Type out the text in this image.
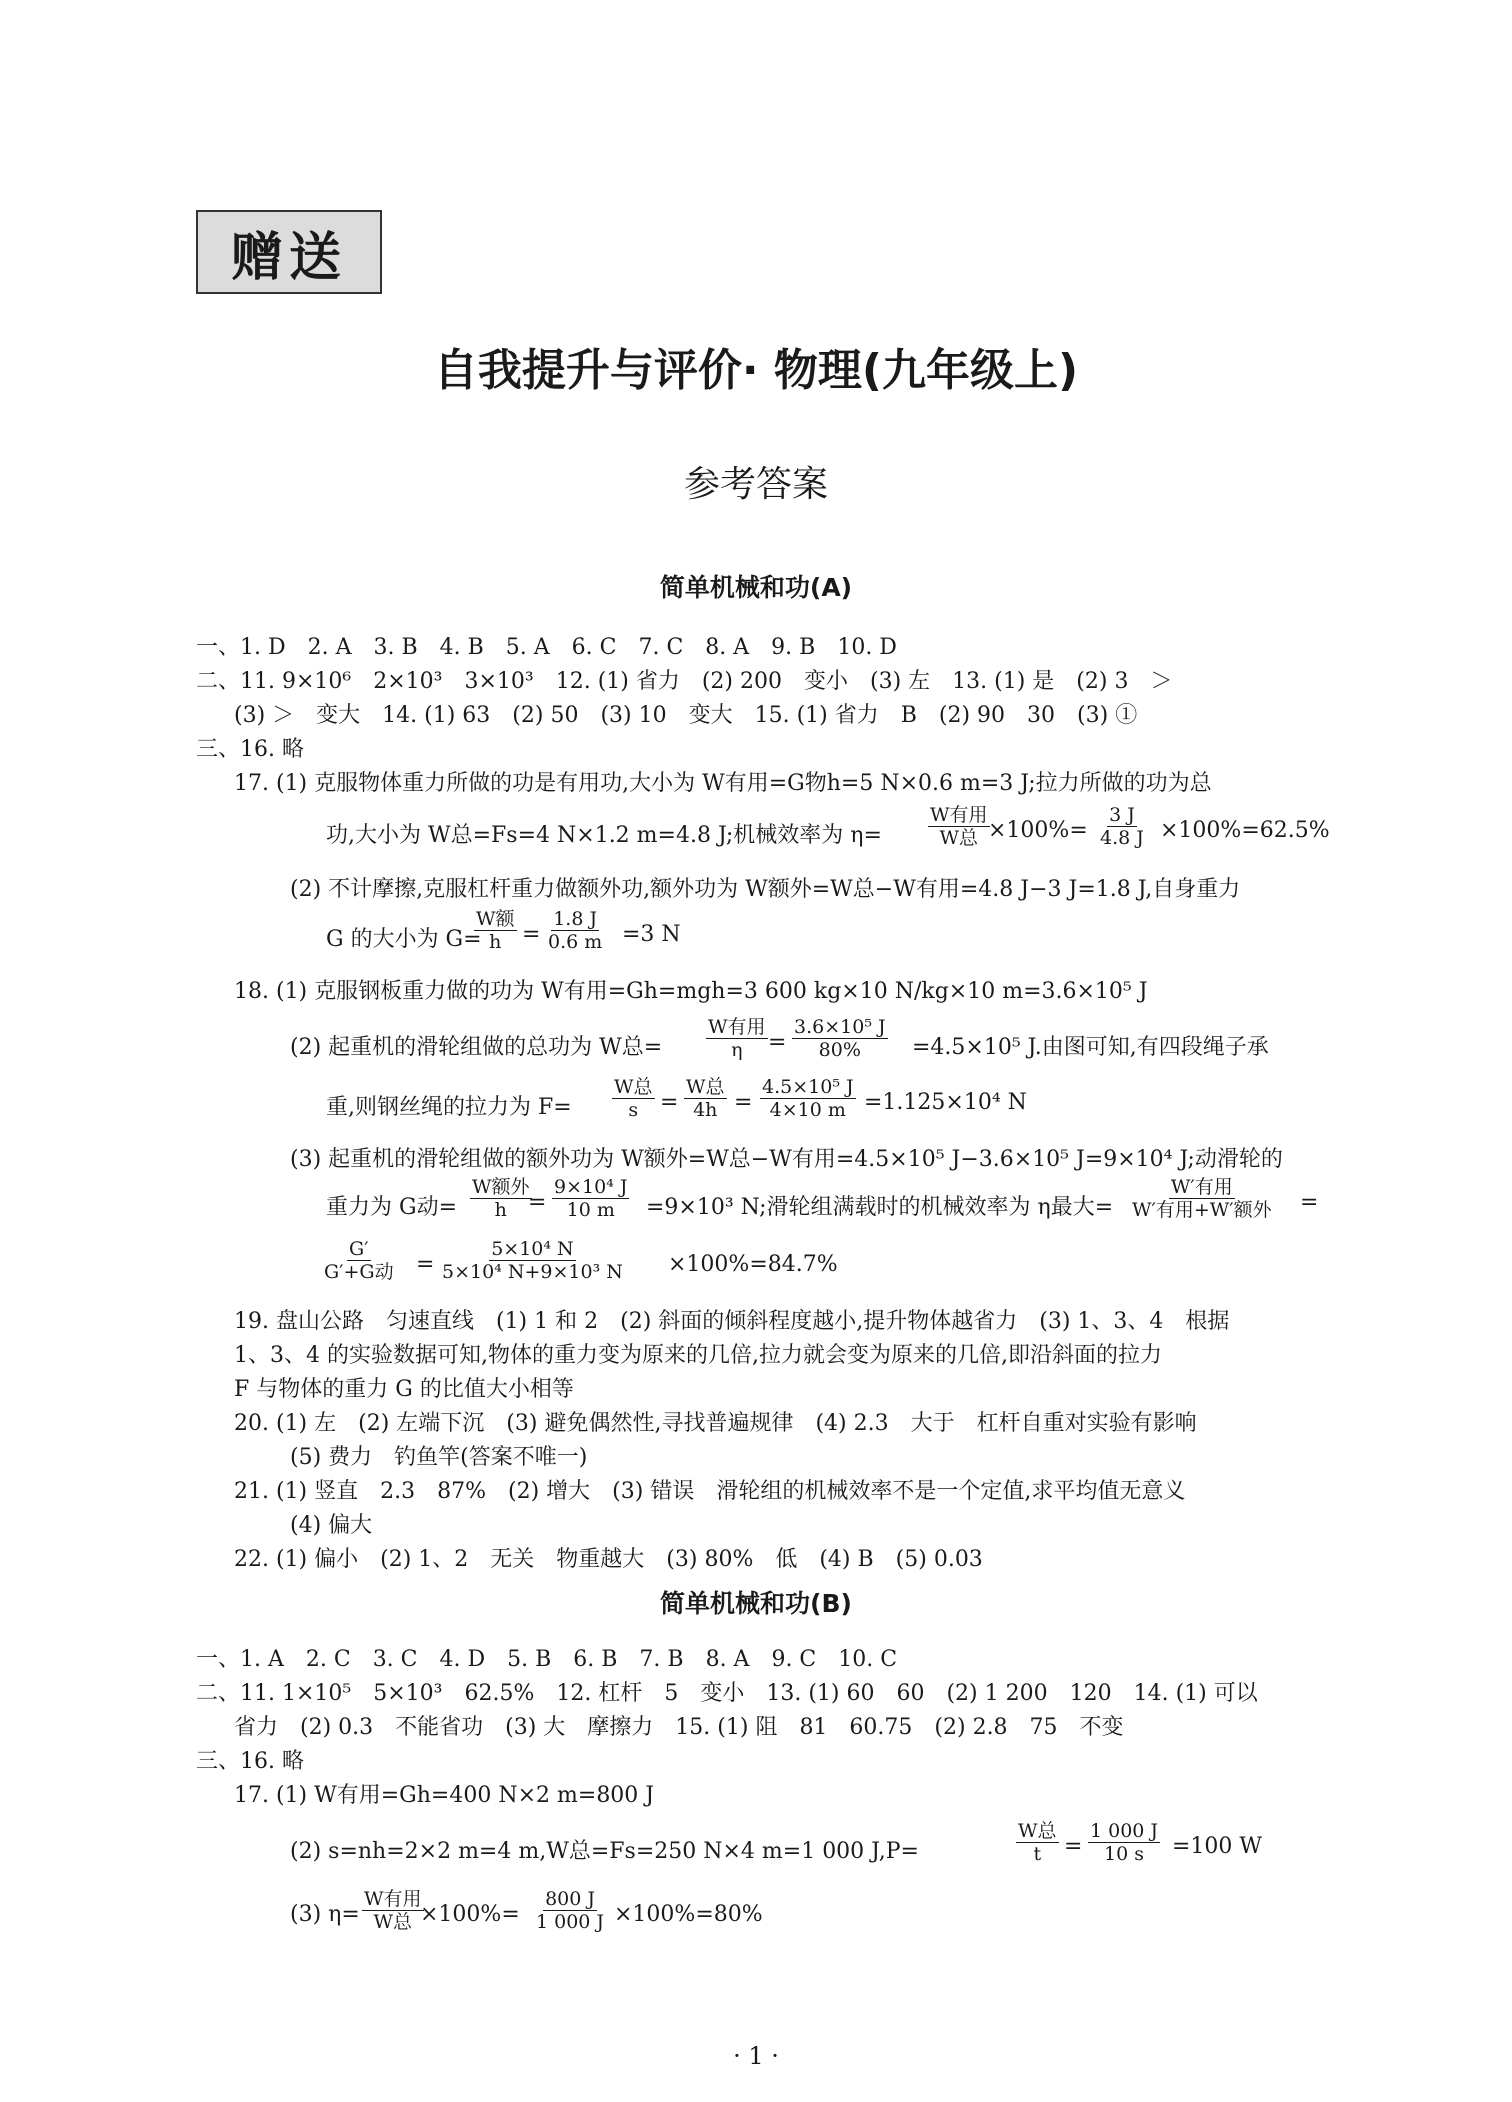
赠送
自我提升与评价· 物理(九年级上)
参考答案
简单机械和功(A)
一、1. D　2. A　3. B　4. B　5. A　6. C　7. C　8. A　9. B　10. D
二、11. 9×10⁶　2×10³　3×10³　12. (1) 省力　(2) 200　变小　(3) 左　13. (1) 是　(2) 3　＞
(3) ＞　变大　14. (1) 63　(2) 50　(3) 10　变大　15. (1) 省力　B　(2) 90　30　(3) ①
三、16. 略
17. (1) 克服物体重力所做的功是有用功,大小为 W有用=G物h=5 N×0.6 m=3 J;拉力所做的功为总
功,大小为 W总=Fs=4 N×1.2 m=4.8 J;机械效率为 η=
W有用
W总 $\times 100\%= \frac{3 J}{4.8 J} \times 100\%=62.5\%$
(2) 不计摩擦,克服杠杆重力做额外功,额外功为 W额外=W总−W有用=4.8 J−3 J=1.8 J,自身重力
G 的大小为 G=
W额
$h = \frac{1.8 J}{0.6 m} =3$ N
18. (1) 克服钢板重力做的功为 W有用=Gh=mgh=3 600 kg×10 N/kg×10 m=3.6×10⁵ J
(2) 起重机的滑轮组做的总功为 W总=
W有用
$\eta = \frac{\text{3.6×10⁵ J}}{80\%} =4.5\times 10^5$ J.由图可知,有四段绳子承
重,则钢丝绳的拉力为 F=
W总
s =
W总
$4h = \frac{\text{4.5×10⁵ J}}{4\times 10 m} =1.125\times 10^4$ N
(3) 起重机的滑轮组做的额外功为 W额外=W总−W有用=4.5×10⁵ J−3.6×10⁵ J=9×10⁴ J;动滑轮的
重力为 G动=
W额外
$h = \frac{\text{9×10⁴ J}}{10 m} =9\times 10^3$ N;滑轮组满载时的机械效率为 η最大=
W′有用
W′有用+W′额外 =
G′
G′+G动 = $\frac{\text{5×10⁴ N}}{\text{5×10⁴ N+9×10³ N}} \times 100\%=84.7\%$
19. 盘山公路　匀速直线　(1) 1 和 2　(2) 斜面的倾斜程度越小,提升物体越省力　(3) 1、3、4　根据
1、3、4 的实验数据可知,物体的重力变为原来的几倍,拉力就会变为原来的几倍,即沿斜面的拉力
F 与物体的重力 G 的比值大小相等
20. (1) 左　(2) 左端下沉　(3) 避免偶然性,寻找普遍规律　(4) 2.3　大于　杠杆自重对实验有影响
(5) 费力　钓鱼竿(答案不唯一)
21. (1) 竖直　2.3　87%　(2) 增大　(3) 错误　滑轮组的机械效率不是一个定值,求平均值无意义
(4) 偏大
22. (1) 偏小　(2) 1、2　无关　物重越大　(3) 80%　低　(4) B　(5) 0.03
简单机械和功(B)
一、1. A　2. C　3. C　4. D　5. B　6. B　7. B　8. A　9. C　10. C
二、11. 1×10⁵　5×10³　62.5%　12. 杠杆　5　变小　13. (1) 60　60　(2) 1 200　120　14. (1) 可以
省力　(2) 0.3　不能省功　(3) 大　摩擦力　15. (1) 阻　81　60.75　(2) 2.8　75　不变
三、16. 略
17. (1) W有用=Gh=400 N×2 m=800 J
(2) s=nh=2×2 m=4 m,W总=Fs=250 N×4 m=1 000 J,P=
W总
$t = \frac{1 000 J}{10 s} =100$ W
(3) η=
W有用
W总 $\times 100\%= \frac{800 J}{1 000 J} \times 100\%=80\%$
· 1 ·
